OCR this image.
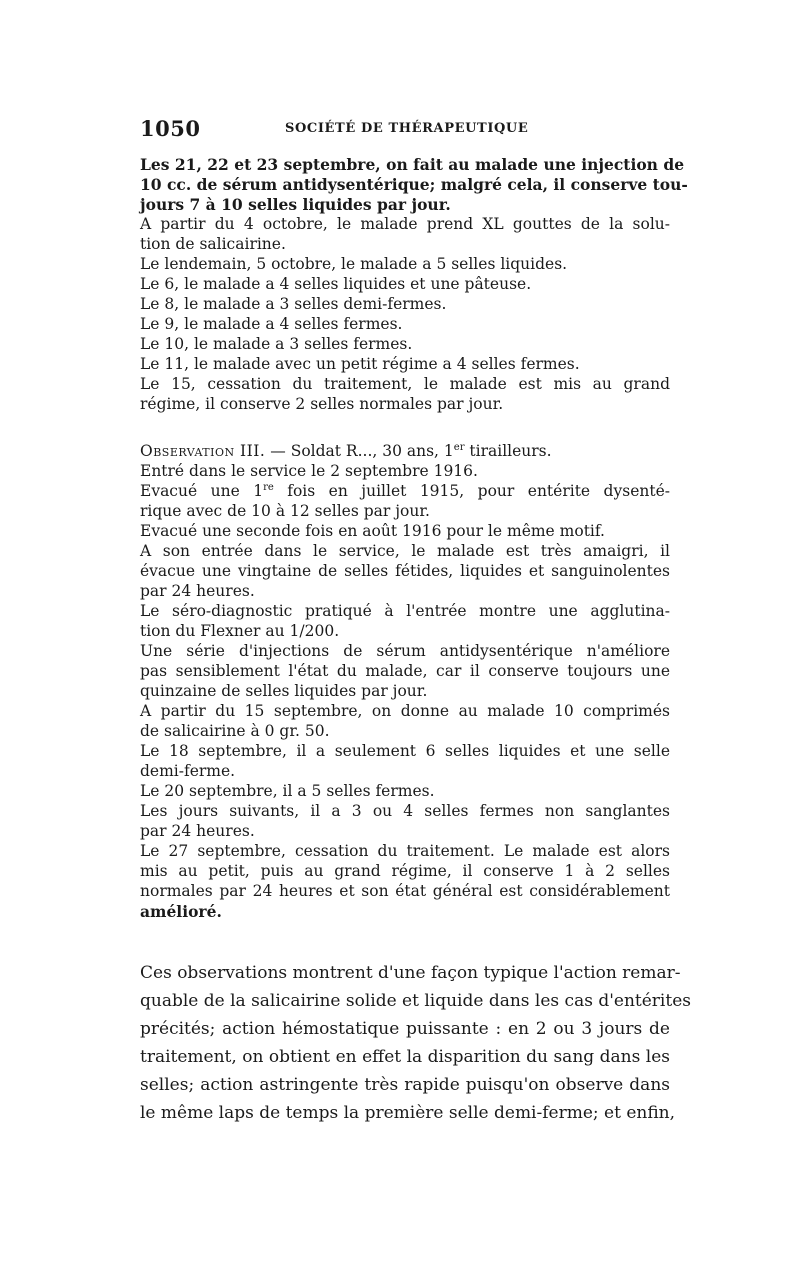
1050	SOCIÉTÉ DE THÉRAPEUTIQUE
Les 21, 22 et 23 septembre, on fait au malade une injection de
10 cc. de sérum antidysentérique; malgré cela, il conserve tou-
jours 7 à 10 selles liquides par jour.
A partir du 4 octobre, le malade prend XL gouttes de la solu-
tion de salicairine.
Le lendemain, 5 octobre, le malade a 5 selles liquides.
Le 6, le malade a 4 selles liquides et une pâteuse.
Le 8, le malade a 3 selles demi-fermes.
Le 9, le malade a 4 selles fermes.
Le 10, le malade a 3 selles fermes.
Le 11, le malade avec un petit régime a 4 selles fermes.
Le 15, cessation du traitement, le malade est mis au grand
régime, il conserve 2 selles normales par jour.
Observation III. — Soldat R..., 30 ans, 1er tirailleurs.
Entré dans le service le 2 septembre 1916.
Evacué une 1re fois en juillet 1915, pour entérite dysenté-
rique avec de 10 à 12 selles par jour.
Evacué une seconde fois en août 1916 pour le même motif.
A son entrée dans le service, le malade est très amaigri, il
évacue une vingtaine de selles fétides, liquides et sanguinolentes
par 24 heures.
Le séro-diagnostic pratiqué à l'entrée montre une agglutina-
tion du Flexner au 1/200.
Une série d'injections de sérum antidysentérique n'améliore
pas sensiblement l'état du malade, car il conserve toujours une
quinzaine de selles liquides par jour.
A partir du 15 septembre, on donne au malade 10 comprimés
de salicairine à 0 gr. 50.
Le 18 septembre, il a seulement 6 selles liquides et une selle
demi-ferme.
Le 20 septembre, il a 5 selles fermes.
Les jours suivants, il a 3 ou 4 selles fermes non sanglantes
par 24 heures.
Le 27 septembre, cessation du traitement. Le malade est alors
mis au petit, puis au grand régime, il conserve 1 à 2 selles
normales par 24 heures et son état général est considérablement
amélioré.
Ces observations montrent d'une façon typique l'action remar-
quable de la salicairine solide et liquide dans les cas d'entérites
précités; action hémostatique puissante : en 2 ou 3 jours de
traitement, on obtient en effet la disparition du sang dans les
selles; action astringente très rapide puisqu'on observe dans
le même laps de temps la première selle demi-ferme; et enfin,
